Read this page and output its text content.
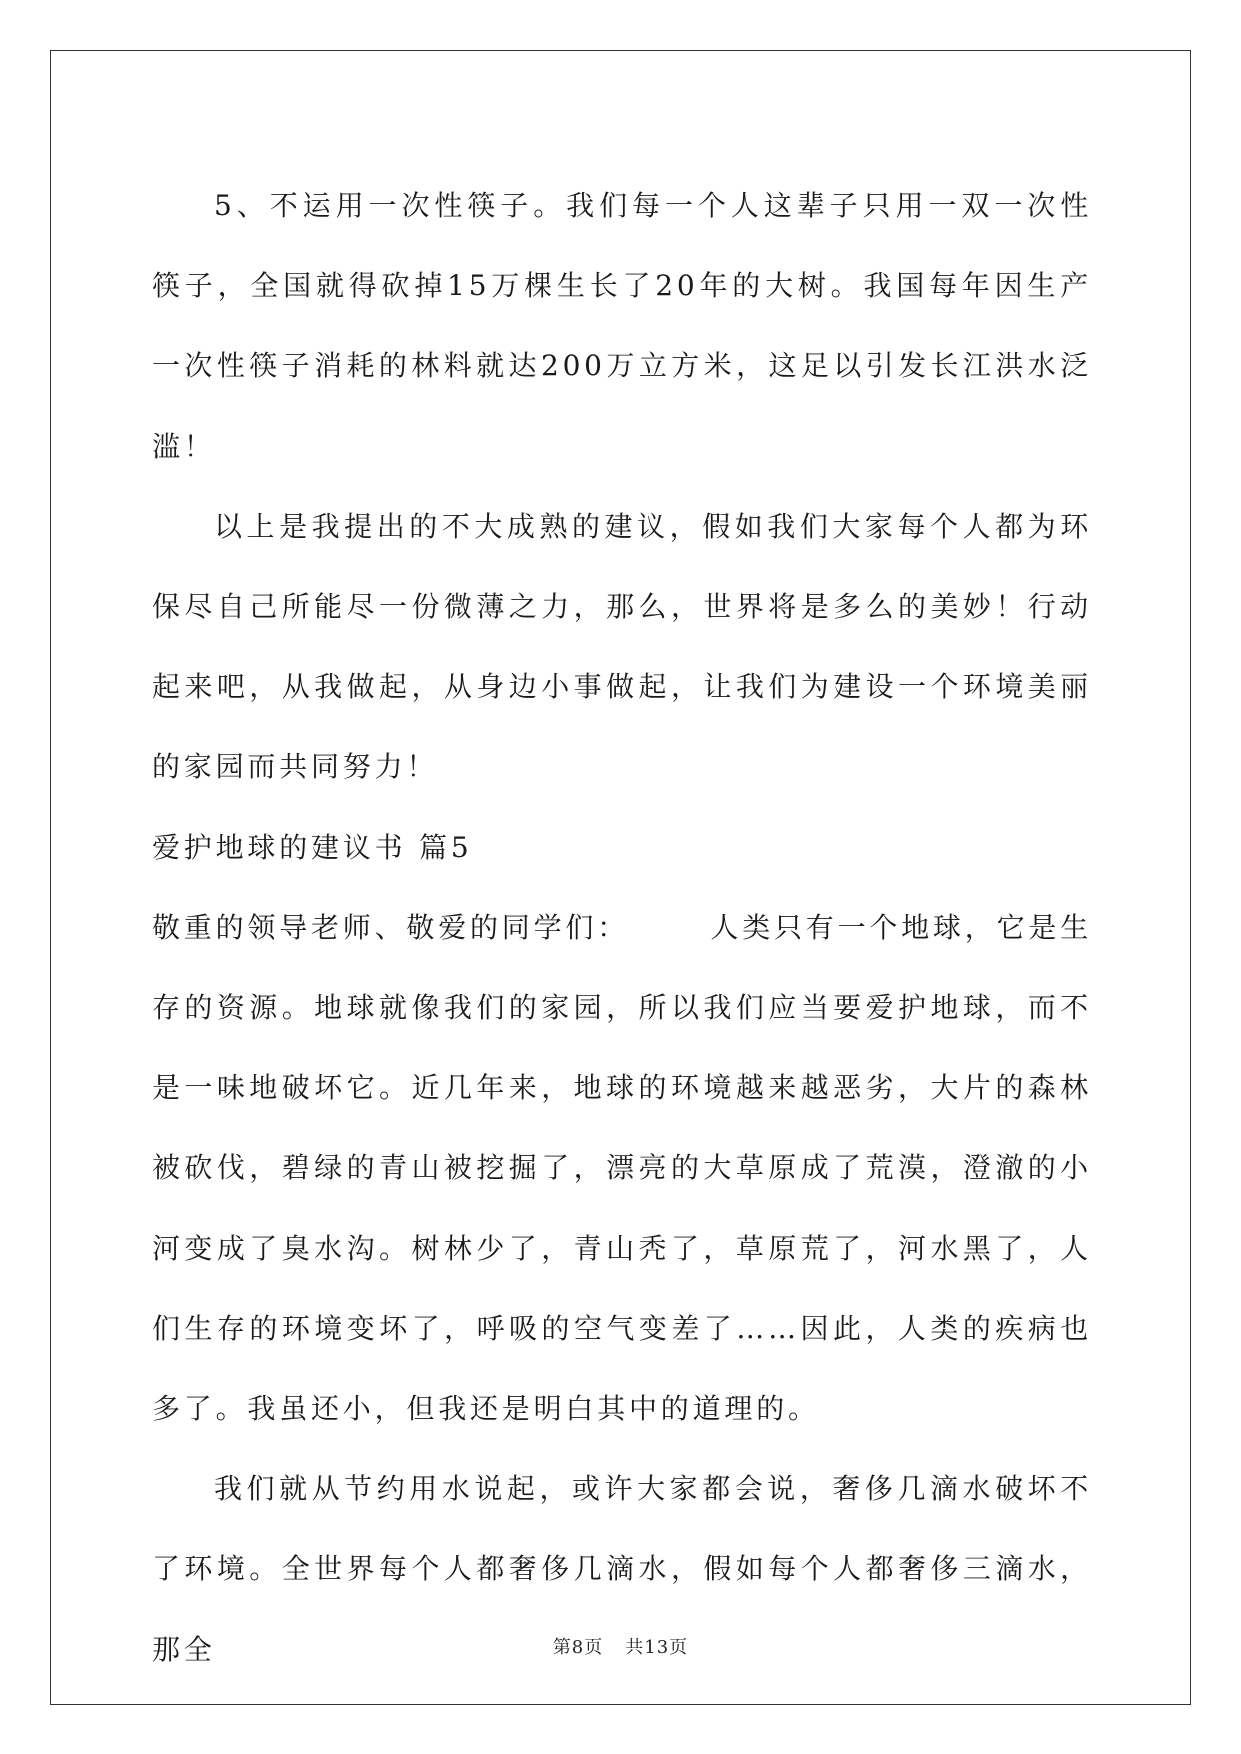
5、不运用一次性筷子。我们每一个人这辈子只用一双一次性筷子，全国就得砍掉15万棵生长了20年的大树。我国每年因生产一次性筷子消耗的林料就达200万立方米，这足以引发长江洪水泛滥！

以上是我提出的不大成熟的建议，假如我们大家每个人都为环保尽自己所能尽一份微薄之力，那么，世界将是多么的美妙！行动起来吧，从我做起，从身边小事做起，让我们为建设一个环境美丽的家园而共同努力！

爱护地球的建议书 篇5

敬重的领导老师、敬爱的同学们：　　　人类只有一个地球，它是生存的资源。地球就像我们的家园，所以我们应当要爱护地球，而不是一味地破坏它。近几年来，地球的环境越来越恶劣，大片的森林被砍伐，碧绿的青山被挖掘了，漂亮的大草原成了荒漠，澄澈的小河变成了臭水沟。树林少了，青山秃了，草原荒了，河水黑了，人们生存的环境变坏了，呼吸的空气变差了……因此，人类的疾病也多了。我虽还小，但我还是明白其中的道理的。

我们就从节约用水说起，或许大家都会说，奢侈几滴水破坏不了环境。全世界每个人都奢侈几滴水，假如每个人都奢侈三滴水，那全	第8页 共13页
